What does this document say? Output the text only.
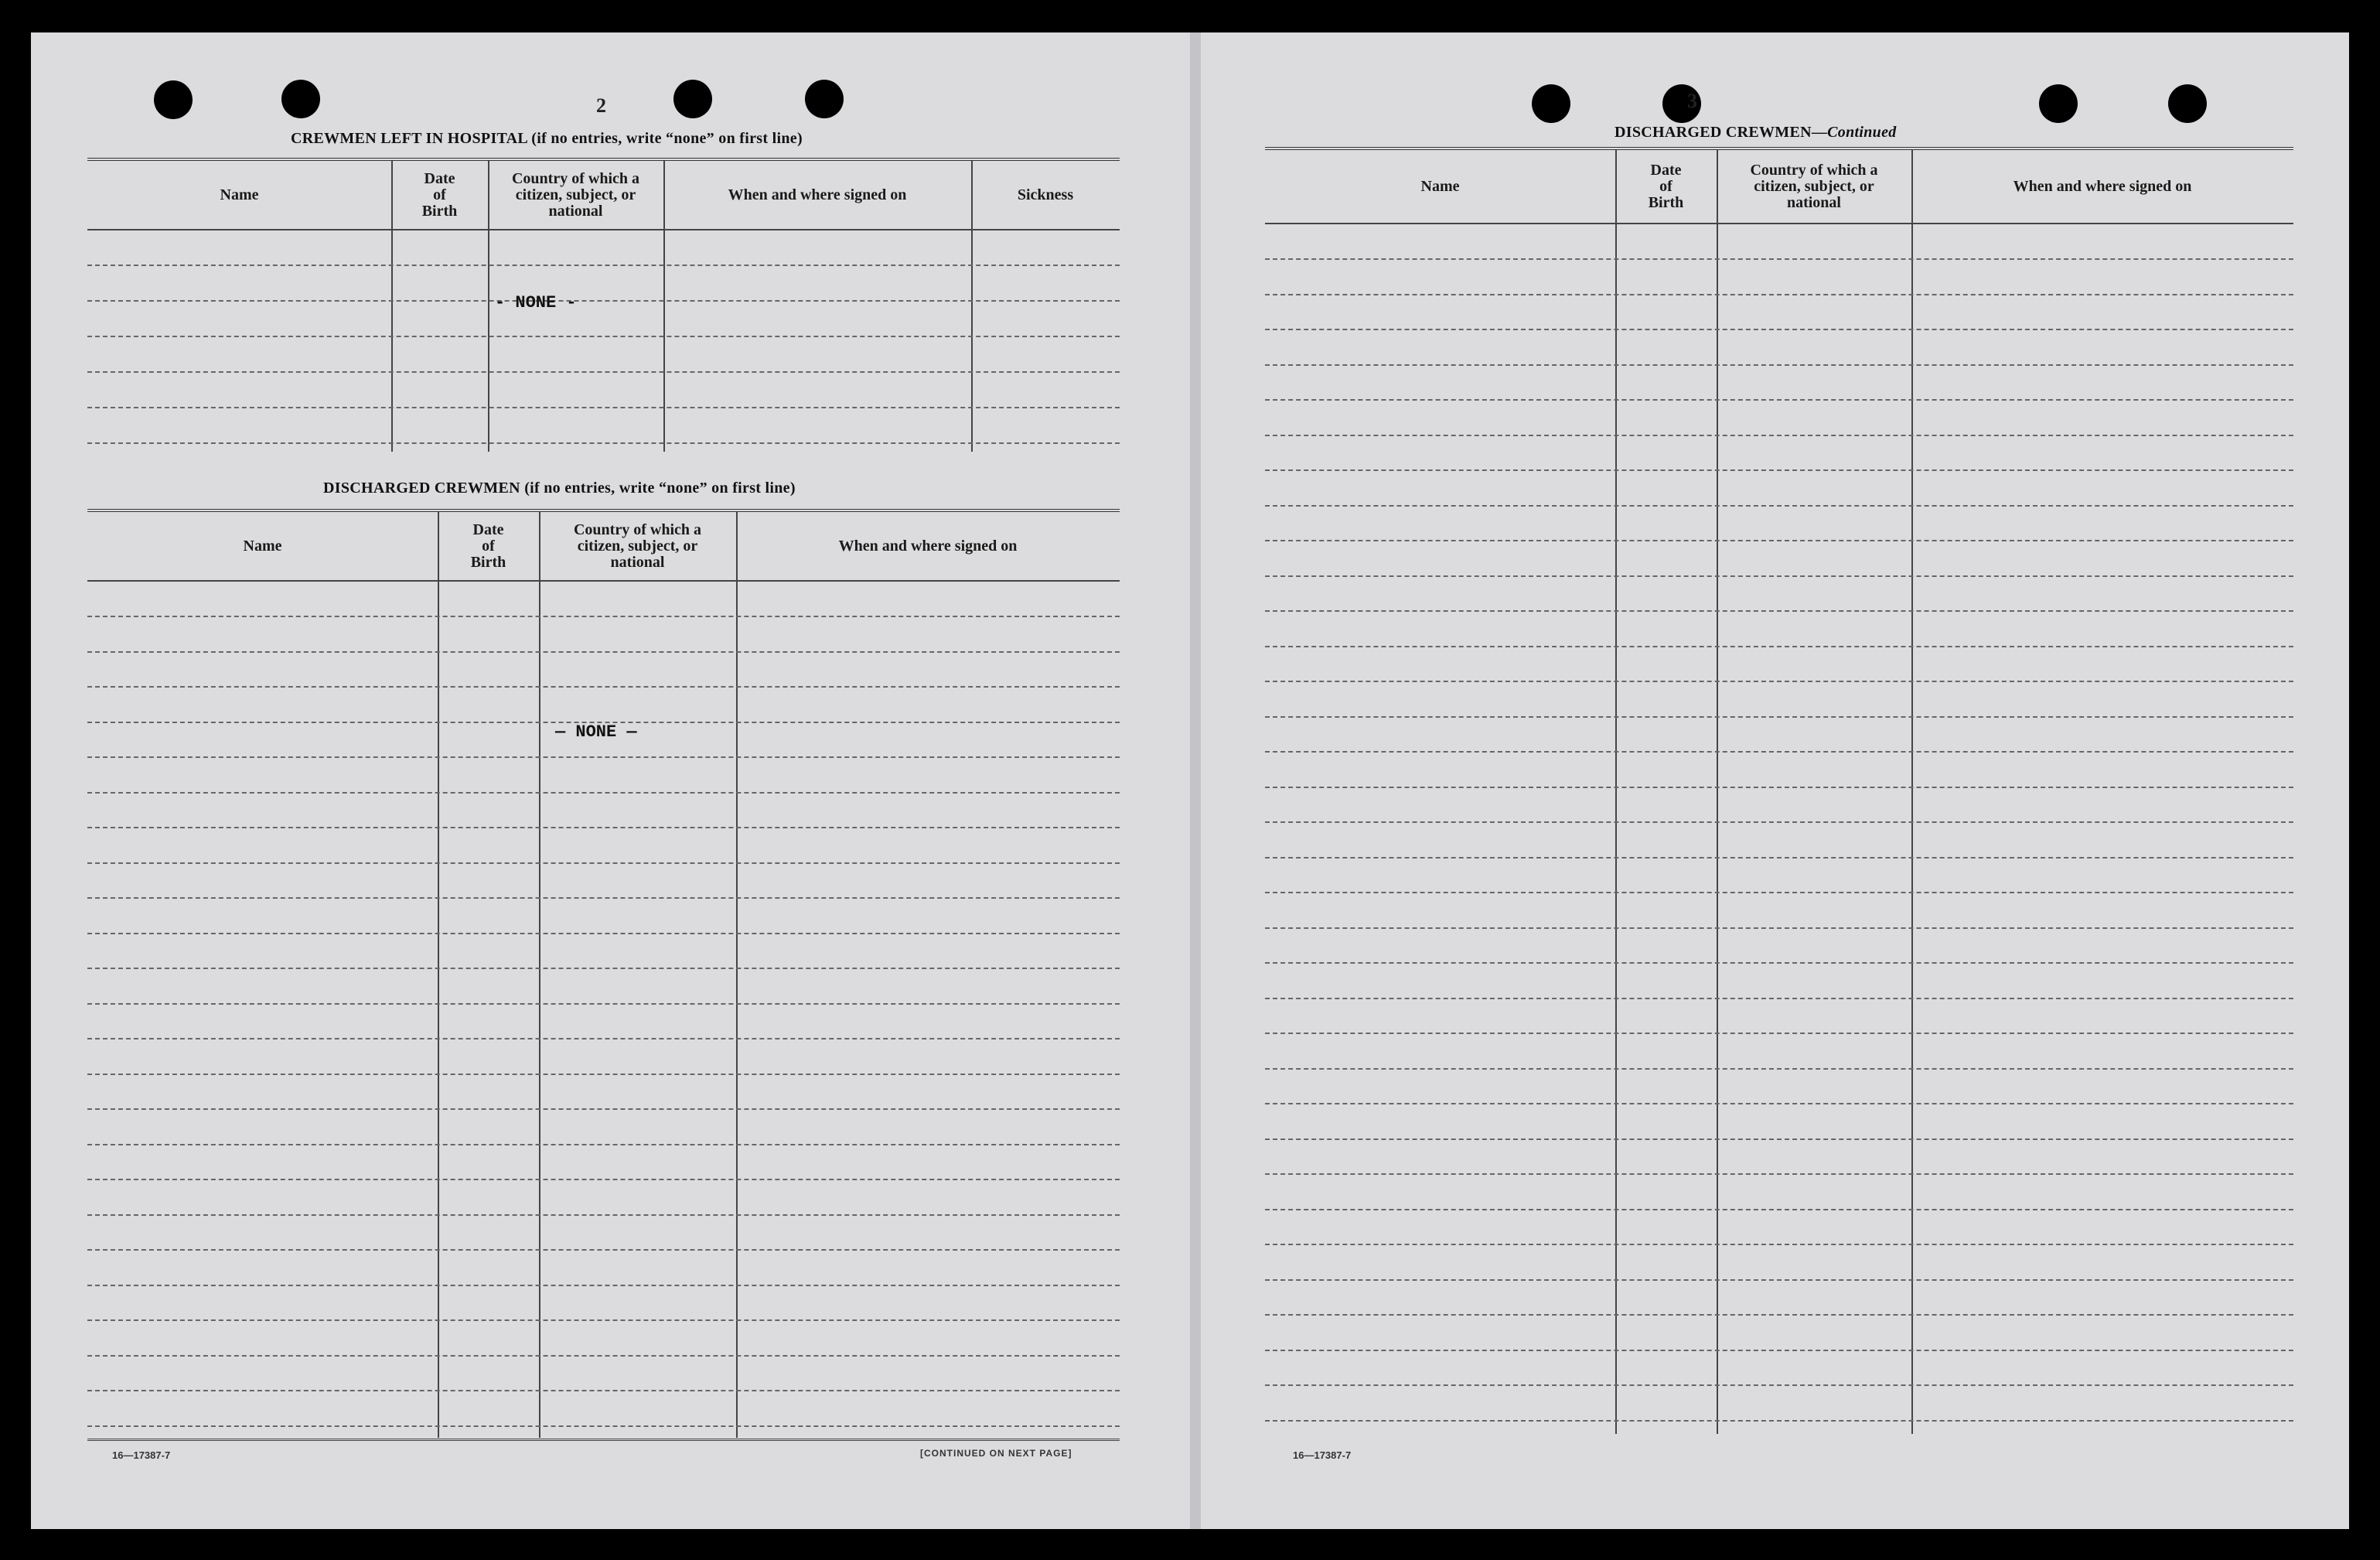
2
CREWMEN LEFT IN HOSPITAL (if no entries, write “none” on first line)
Name
Date
of
Birth
Country of which a
citizen, subject, or
national
When and where signed on	Sickness
- NONE -
DISCHARGED CREWMEN (if no entries, write “none” on first line)
Name
Date
of
Birth
Country of which a
citizen, subject, or
national
When and where signed on
— NONE —
16—17387-7	[CONTINUED ON NEXT PAGE]
3
DISCHARGED CREWMEN—Continued
Name
Date
of
Birth
Country of which a
citizen, subject, or
national
When and where signed on
16—17387-7
